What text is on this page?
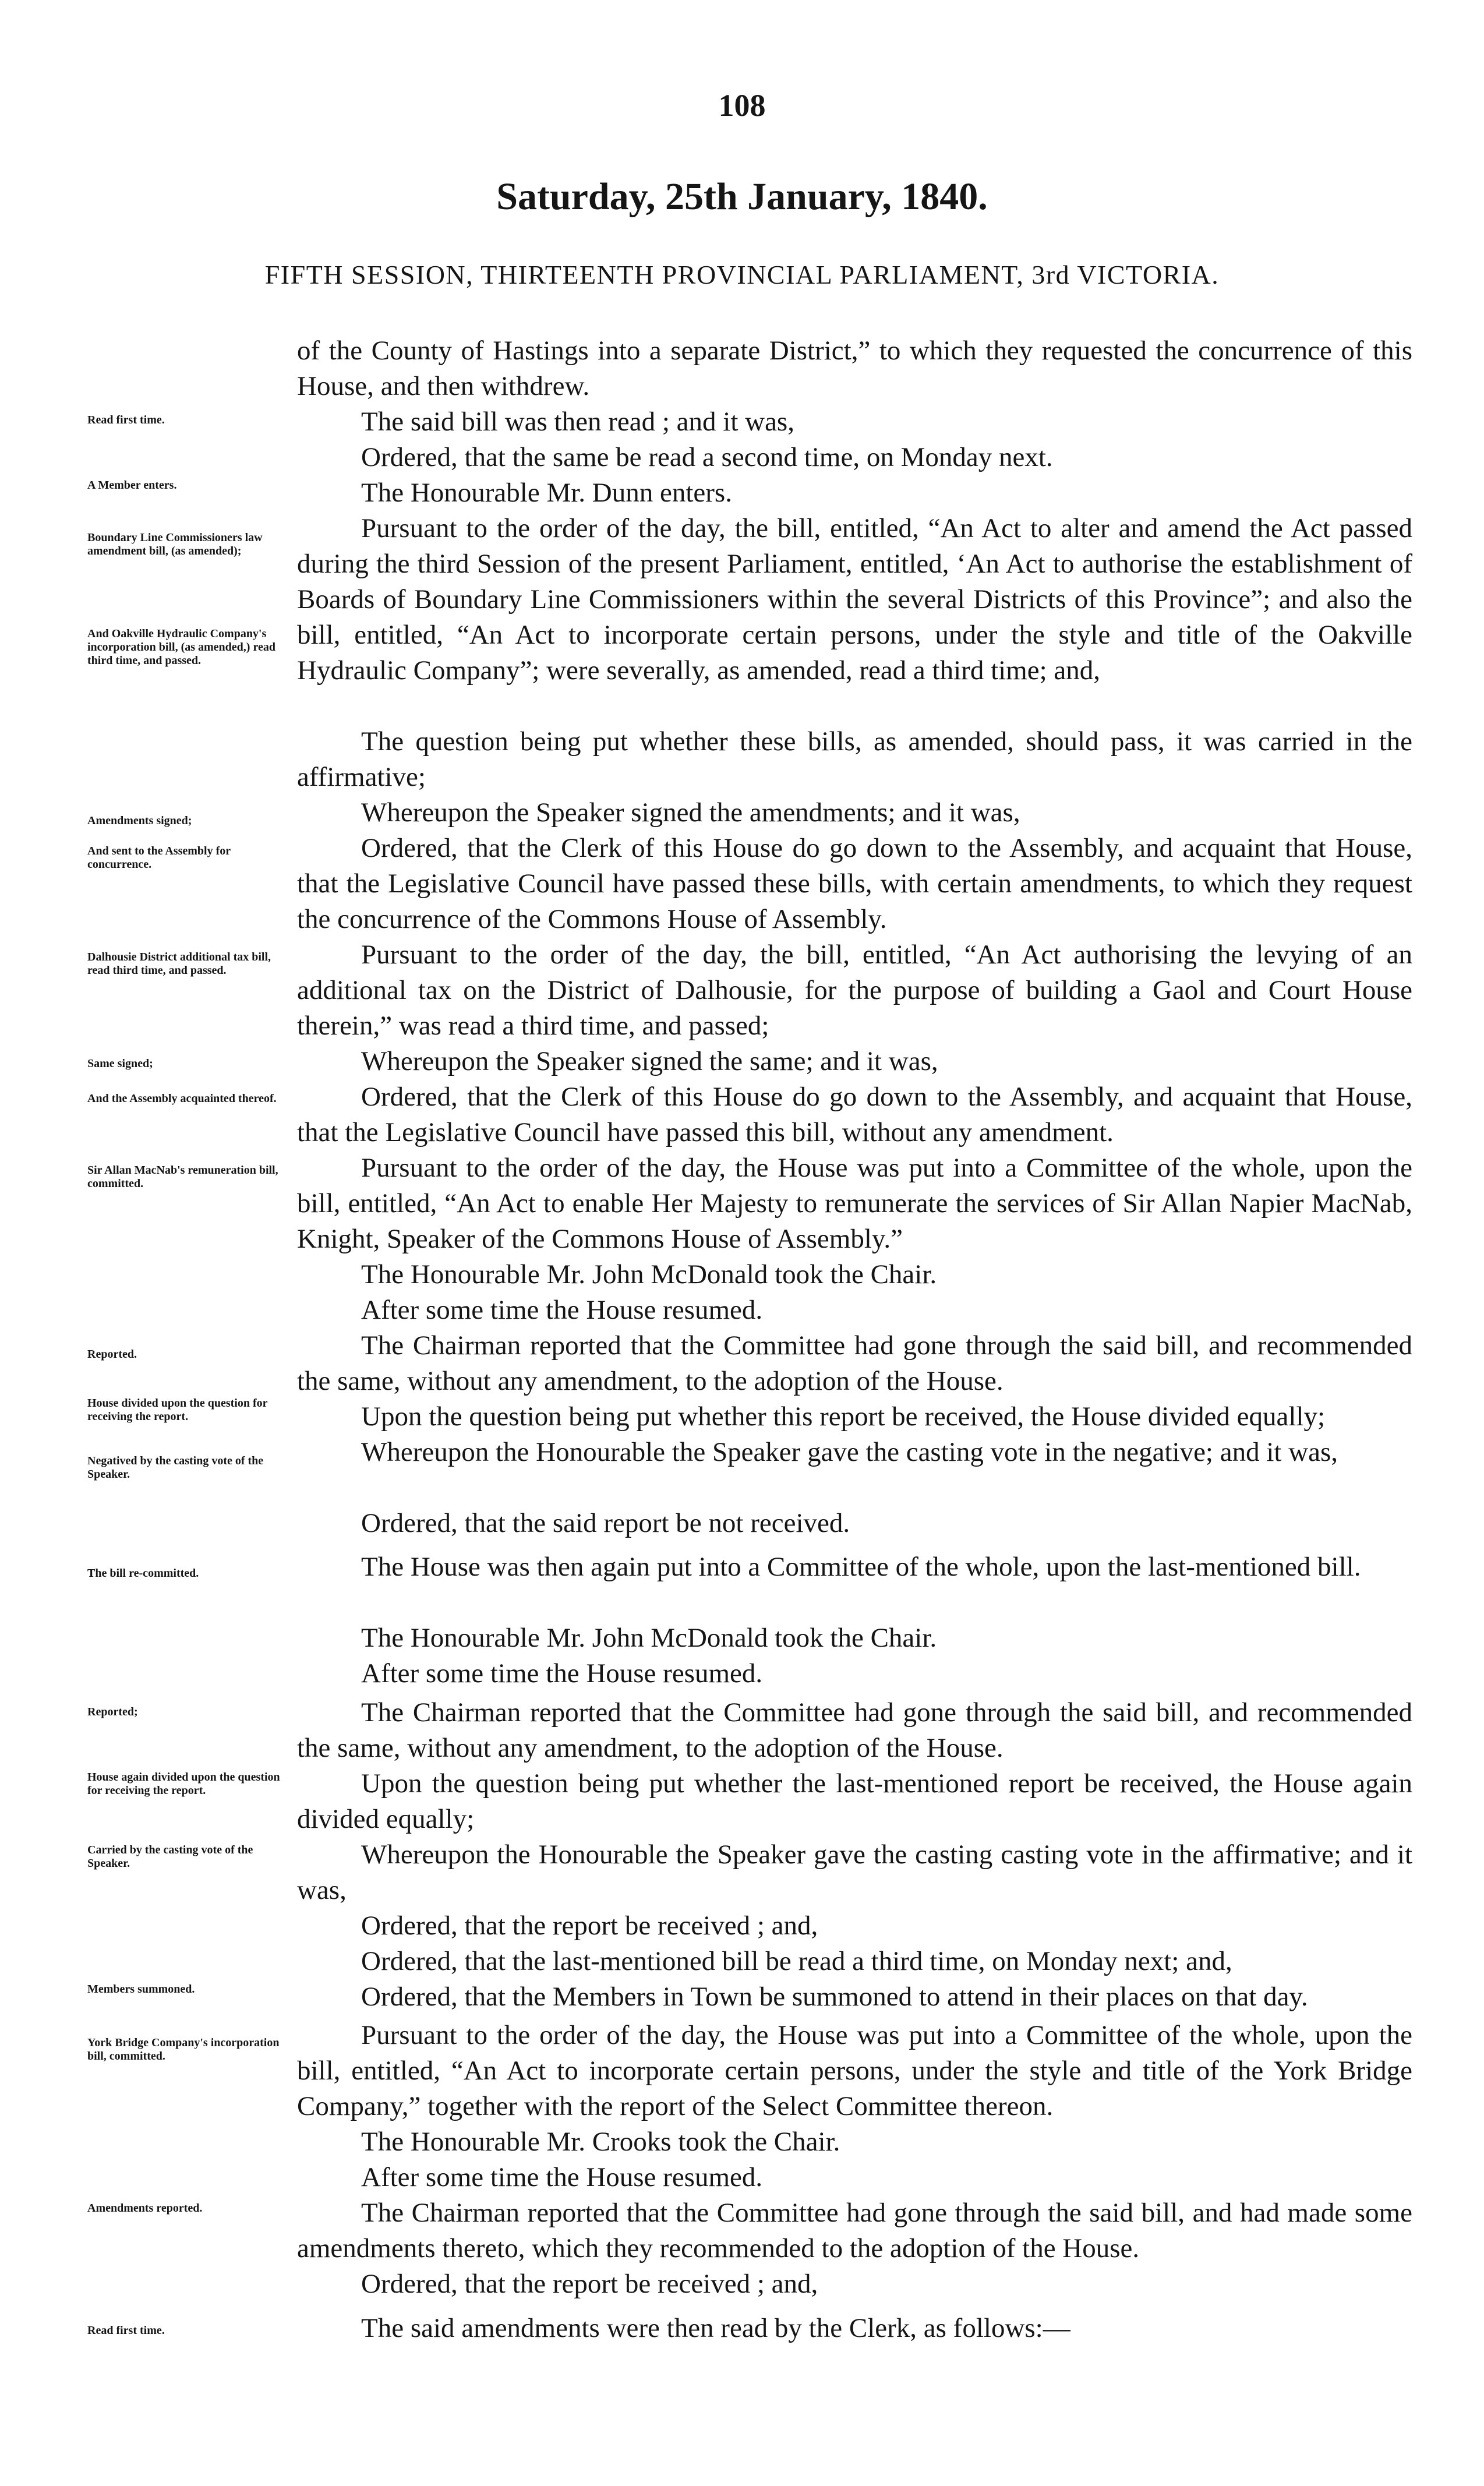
108
Saturday, 25th January, 1840.
FIFTH SESSION, THIRTEENTH PROVINCIAL PARLIAMENT, 3rd VICTORIA.
Read first time.
A Member enters.
Boundary Line Commissioners law amendment bill, (as amended);
And Oakville Hydraulic Company's incorporation bill, (as amended,) read third time, and passed.
Amendments signed;
And sent to the Assembly for concurrence.
Dalhousie District additional tax bill, read third time, and passed.
Same signed;
And the Assembly acquainted thereof.
Sir Allan MacNab's remuneration bill, committed.
Reported.
House divided upon the question for receiving the report.
Negatived by the casting vote of the Speaker.
The bill re-committed.
Reported;
House again divided upon the question for receiving the report.
Carried by the casting vote of the Speaker.
Members summoned.
York Bridge Company's incorporation bill, committed.
Amendments reported.
Read first time.

of the County of Hastings into a separate District,” to which they requested the concurrence of this House, and then withdrew.

The said bill was then read ; and it was,

Ordered, that the same be read a second time, on Monday next.

The Honourable Mr. Dunn enters.

Pursuant to the order of the day, the bill, entitled, “An Act to alter and amend the Act passed during the third Session of the present Parliament, entitled, ‘An Act to authorise the establishment of Boards of Boundary Line Commissioners within the several Districts of this Province”; and also the bill, entitled, “An Act to incorporate certain persons, under the style and title of the Oakville Hydraulic Company”; were severally, as amended, read a third time; and,

The question being put whether these bills, as amended, should pass, it was carried in the affirmative;

Whereupon the Speaker signed the amendments; and it was,

Ordered, that the Clerk of this House do go down to the Assembly, and acquaint that House, that the Legislative Council have passed these bills, with certain amendments, to which they request the concurrence of the Commons House of Assembly.

Pursuant to the order of the day, the bill, entitled, “An Act authorising the levying of an additional tax on the District of Dalhousie, for the purpose of building a Gaol and Court House therein,” was read a third time, and passed;

Whereupon the Speaker signed the same; and it was,

Ordered, that the Clerk of this House do go down to the Assembly, and acquaint that House, that the Legislative Council have passed this bill, without any amendment.

Pursuant to the order of the day, the House was put into a Committee of the whole, upon the bill, entitled, “An Act to enable Her Majesty to remunerate the services of Sir Allan Napier MacNab, Knight, Speaker of the Commons House of Assembly.”

The Honourable Mr. John McDonald took the Chair.

After some time the House resumed.

The Chairman reported that the Committee had gone through the said bill, and recommended the same, without any amendment, to the adoption of the House.

Upon the question being put whether this report be received, the House divided equally;

Whereupon the Honourable the Speaker gave the casting vote in the negative; and it was,

Ordered, that the said report be not received.

The House was then again put into a Committee of the whole, upon the last-mentioned bill.

The Honourable Mr. John McDonald took the Chair.

After some time the House resumed.

The Chairman reported that the Committee had gone through the said bill, and recommended the same, without any amendment, to the adoption of the House.

Upon the question being put whether the last-mentioned report be received, the House again divided equally;

Whereupon the Honourable the Speaker gave the casting casting vote in the affirmative; and it was,

Ordered, that the report be received ; and,

Ordered, that the last-mentioned bill be read a third time, on Monday next; and,

Ordered, that the Members in Town be summoned to attend in their places on that day.

Pursuant to the order of the day, the House was put into a Committee of the whole, upon the bill, entitled, “An Act to incorporate certain persons, under the style and title of the York Bridge Company,” together with the report of the Select Committee thereon.

The Honourable Mr. Crooks took the Chair.

After some time the House resumed.

The Chairman reported that the Committee had gone through the said bill, and had made some amendments thereto, which they recommended to the adoption of the House.

Ordered, that the report be received ; and,

The said amendments were then read by the Clerk, as follows:—
